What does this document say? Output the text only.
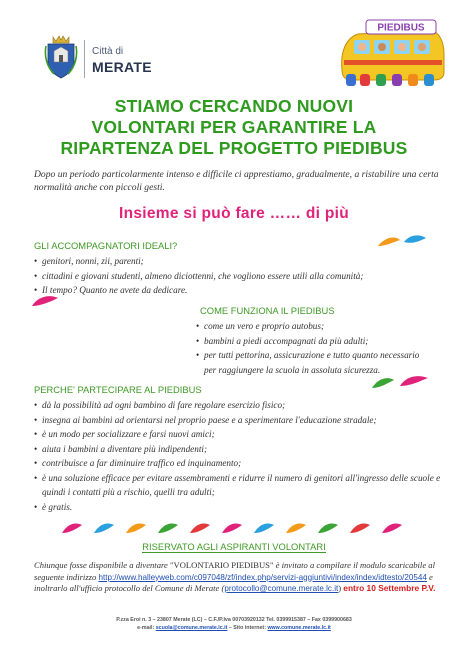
Città di
MERATE
PIEDIBUS
STIAMO CERCANDO NUOVI
VOLONTARI PER GARANTIRE LA
RIPARTENZA DEL PROGETTO PIEDIBUS
Dopo un periodo particolarmente intenso e difficile ci apprestiamo, gradualmente, a ristabilire una certa normalità anche con piccoli gesti.
Insieme si può fare …… di più
GLI ACCOMPAGNATORI IDEALI?
• genitori, nonni, zii, parenti;
• cittadini e giovani studenti, almeno diciottenni, che vogliono essere utili alla comunità;
• Il tempo? Quanto ne avete da dedicare.
COME FUNZIONA IL PIEDIBUS
• come un vero e proprio autobus;
• bambini a piedi accompagnati da più adulti;
• per tutti pettorina, assicurazione e tutto quanto necessario per raggiungere la scuola in assoluta sicurezza.
PERCHE' PARTECIPARE AL PIEDIBUS
• dà la possibilità ad ogni bambino di fare regolare esercizio fisico;
• insegna ai bambini ad orientarsi nel proprio paese e a sperimentare l'educazione stradale;
• è un modo per socializzare e farsi nuovi amici;
• aiuta i bambini a diventare più indipendenti;
• contribuisce a far diminuire traffico ed inquinamento;
• è una soluzione efficace per evitare assembramenti e ridurre il numero di genitori all'ingresso delle scuole e quindi i contatti più a rischio, quelli tra adulti;
• è gratis.
RISERVATO AGLI ASPIRANTI VOLONTARI
Chiunque fosse disponibile a diventare "VOLONTARIO PIEDIBUS" è invitato a compilare il modulo scaricabile al seguente indirizzo http://www.halleyweb.com/c097048/zf/index.php/servizi-aggiuntivi/index/index/idtesto/20544 e inoltrarlo all'ufficio protocollo del Comune di Merate (protocollo@comune.merate.lc.it) entro 10 Settembre P.V.
P.zza Eroi n. 3 – 23807 Merate (LC) – C.F./P.Iva 00703920132 Tel. 0399915387 – Fax 0399900683
e-mail: scuola@comune.merate.lc.it – Sito internet: www.comune.merate.lc.it
